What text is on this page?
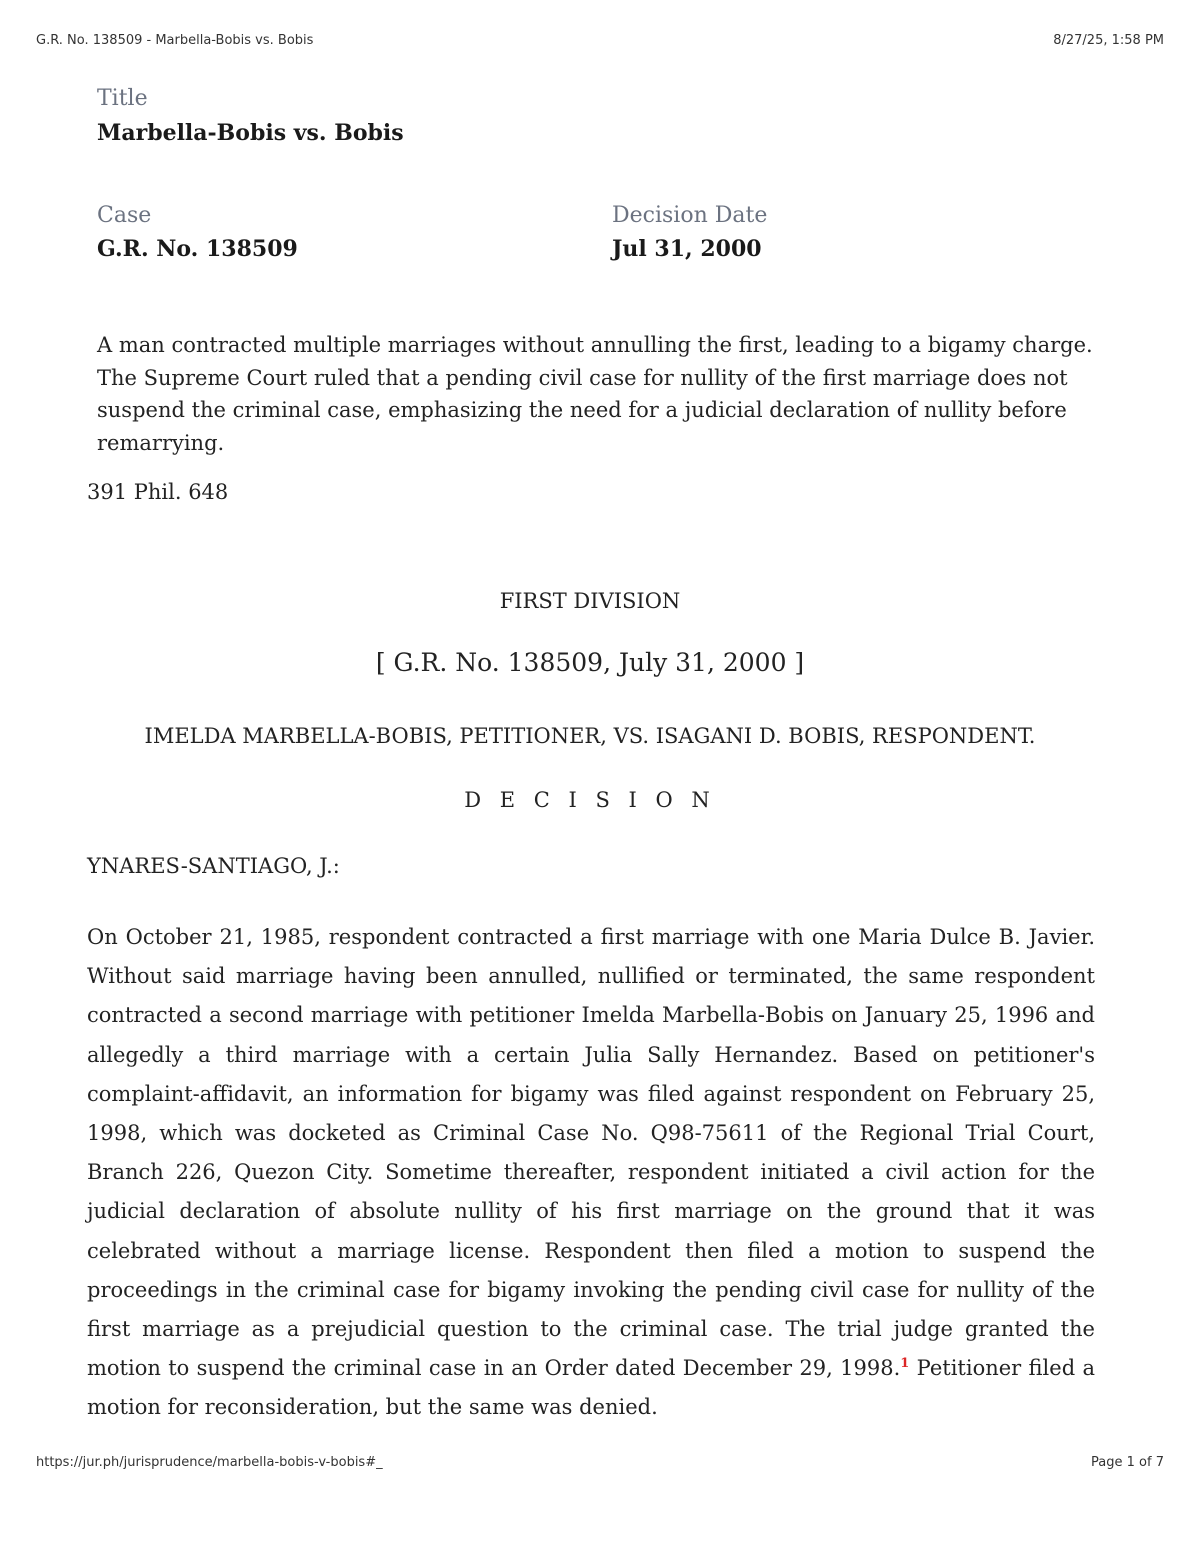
G.R. No. 138509 - Marbella-Bobis vs. Bobis	8/27/25, 1:58 PM
Title
Marbella-Bobis vs. Bobis
Case
G.R. No. 138509
Decision Date
Jul 31, 2000
A man contracted multiple marriages without annulling the first, leading to a bigamy charge. The Supreme Court ruled that a pending civil case for nullity of the first marriage does not suspend the criminal case, emphasizing the need for a judicial declaration of nullity before remarrying.
391 Phil. 648
FIRST DIVISION
[ G.R. No. 138509, July 31, 2000 ]
IMELDA MARBELLA-BOBIS, PETITIONER, VS. ISAGANI D. BOBIS, RESPONDENT.
D E C I S I O N
YNARES-SANTIAGO, J.:
On October 21, 1985, respondent contracted a first marriage with one Maria Dulce B. Javier. Without said marriage having been annulled, nullified or terminated, the same respondent contracted a second marriage with petitioner Imelda Marbella-Bobis on January 25, 1996 and allegedly a third marriage with a certain Julia Sally Hernandez. Based on petitioner's complaint-affidavit, an information for bigamy was filed against respondent on February 25, 1998, which was docketed as Criminal Case No. Q98-75611 of the Regional Trial Court, Branch 226, Quezon City. Sometime thereafter, respondent initiated a civil action for the judicial declaration of absolute nullity of his first marriage on the ground that it was celebrated without a marriage license. Respondent then filed a motion to suspend the proceedings in the criminal case for bigamy invoking the pending civil case for nullity of the first marriage as a prejudicial question to the criminal case. The trial judge granted the motion to suspend the criminal case in an Order dated December 29, 1998.$^1$ Petitioner filed a motion for reconsideration, but the same was denied.
https://jur.ph/jurisprudence/marbella-bobis-v-bobis#_	Page 1 of 7
